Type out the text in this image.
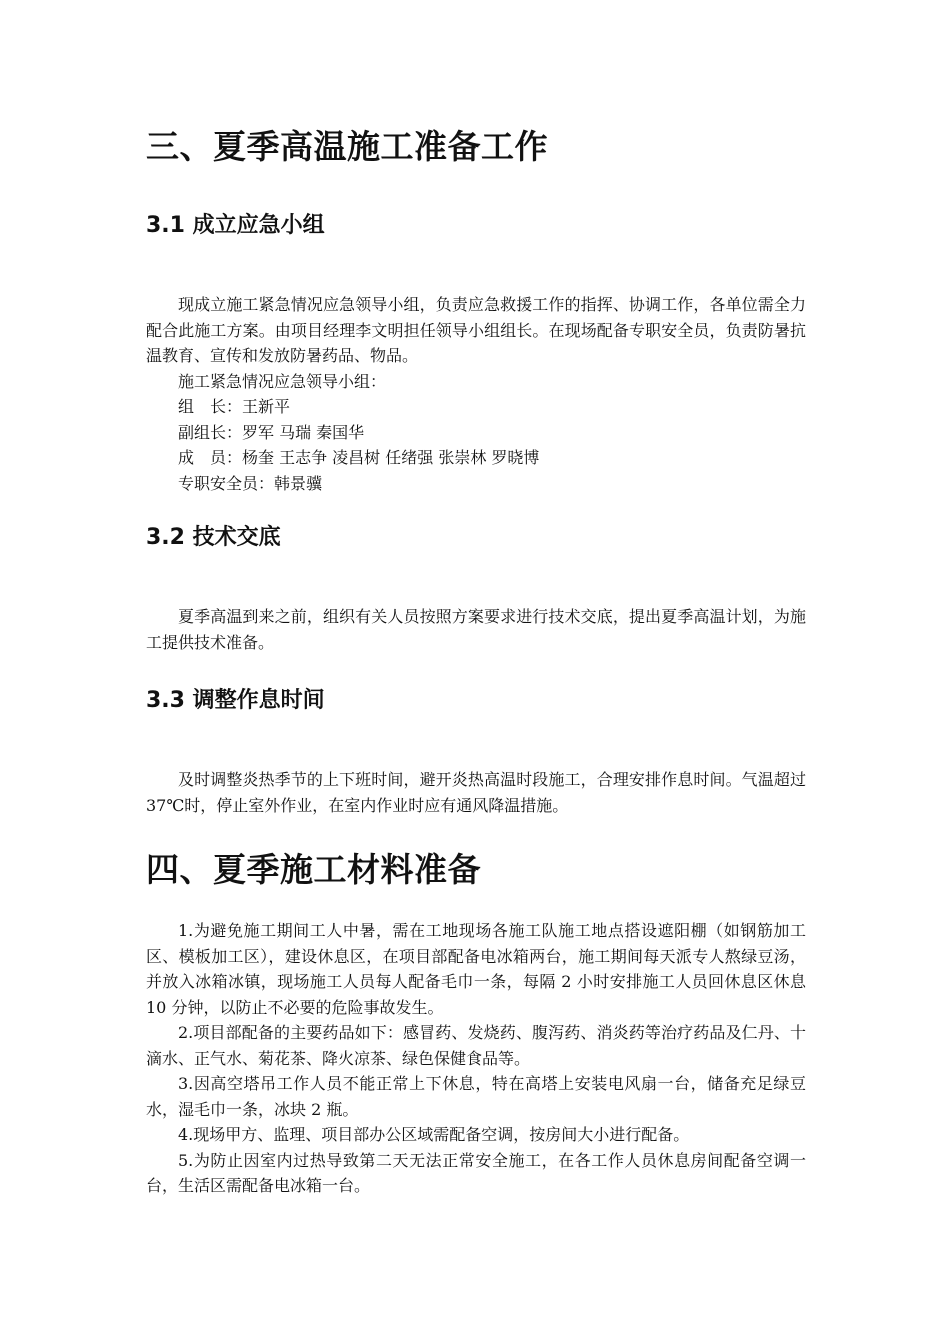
三、夏季高温施工准备工作
3.1 成立应急小组

现成立施工紧急情况应急领导小组，负责应急救援工作的指挥、协调工作，各单位需全力配合此施工方案。由项目经理李文明担任领导小组组长。在现场配备专职安全员，负责防暑抗温教育、宣传和发放防暑药品、物品。

施工紧急情况应急领导小组：
组　长：王新平
副组长：罗军 马瑞 秦国华
成　员：杨奎 王志争 凌昌树 任绪强 张崇林 罗晓博
专职安全员：韩景骥
3.2 技术交底

夏季高温到来之前，组织有关人员按照方案要求进行技术交底，提出夏季高温计划，为施工提供技术准备。

3.3 调整作息时间

及时调整炎热季节的上下班时间，避开炎热高温时段施工，合理安排作息时间。气温超过 37℃时，停止室外作业，在室内作业时应有通风降温措施。

四、夏季施工材料准备

1.为避免施工期间工人中暑，需在工地现场各施工队施工地点搭设遮阳棚（如钢筋加工区、模板加工区），建设休息区，在项目部配备电冰箱两台，施工期间每天派专人熬绿豆汤，并放入冰箱冰镇，现场施工人员每人配备毛巾一条，每隔 2 小时安排施工人员回休息区休息 10 分钟，以防止不必要的危险事故发生。

2.项目部配备的主要药品如下：感冒药、发烧药、腹泻药、消炎药等治疗药品及仁丹、十滴水、正气水、菊花茶、降火凉茶、绿色保健食品等。

3.因高空塔吊工作人员不能正常上下休息，特在高塔上安装电风扇一台，储备充足绿豆水，湿毛巾一条，冰块 2 瓶。

4.现场甲方、监理、项目部办公区域需配备空调，按房间大小进行配备。

5.为防止因室内过热导致第二天无法正常安全施工，在各工作人员休息房间配备空调一台，生活区需配备电冰箱一台。
